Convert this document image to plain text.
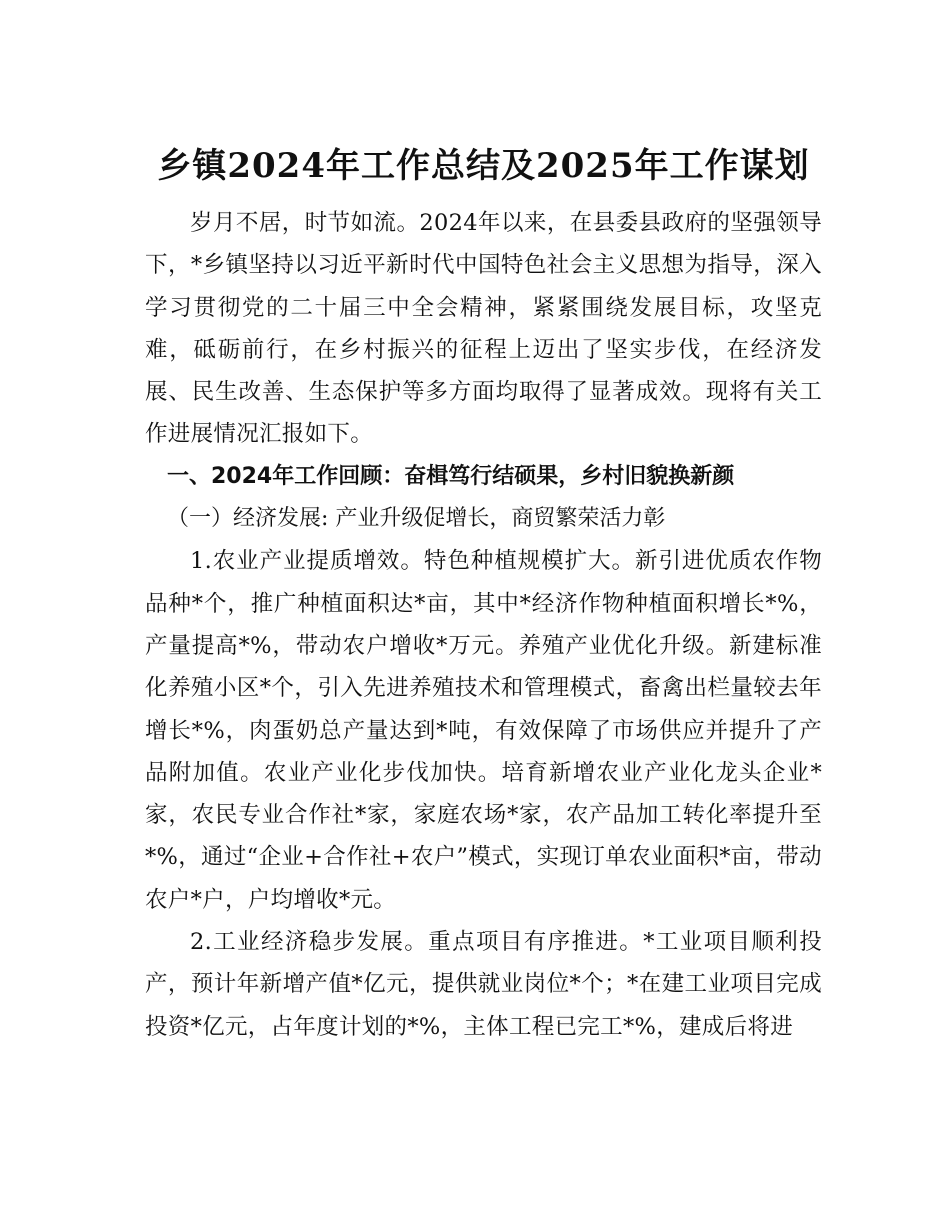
乡镇2024年工作总结及2025年工作谋划

岁月不居，时节如流。2024年以来，在县委县政府的坚强领导下，*乡镇坚持以习近平新时代中国特色社会主义思想为指导，深入学习贯彻党的二十届三中全会精神，紧紧围绕发展目标，攻坚克难，砥砺前行，在乡村振兴的征程上迈出了坚实步伐，在经济发展、民生改善、生态保护等多方面均取得了显著成效。现将有关工作进展情况汇报如下。

一、2024年工作回顾：奋楫笃行结硕果，乡村旧貌换新颜

（一）经济发展: 产业升级促增长，商贸繁荣活力彰

1.农业产业提质增效。特色种植规模扩大。新引进优质农作物品种*个，推广种植面积达*亩，其中*经济作物种植面积增长*%，产量提高*%，带动农户增收*万元。养殖产业优化升级。新建标准化养殖小区*个，引入先进养殖技术和管理模式，畜禽出栏量较去年增长*%，肉蛋奶总产量达到*吨，有效保障了市场供应并提升了产品附加值。农业产业化步伐加快。培育新增农业产业化龙头企业*家，农民专业合作社*家，家庭农场*家，农产品加工转化率提升至*%，通过“企业+合作社+农户”模式，实现订单农业面积*亩，带动农户*户，户均增收*元。

2.工业经济稳步发展。重点项目有序推进。*工业项目顺利投产，预计年新增产值*亿元，提供就业岗位*个；*在建工业项目完成投资*亿元，占年度计划的*%，主体工程已完工*%，建成后将进
